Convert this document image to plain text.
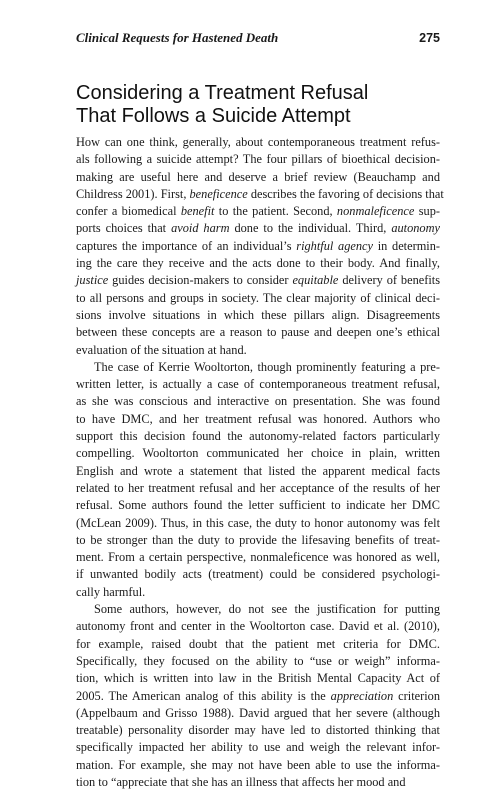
Clinical Requests for Hastened Death	275
Considering a Treatment Refusal
That Follows a Suicide Attempt

How can one think, generally, about contemporaneous treatment refus-
als following a suicide attempt? The four pillars of bioethical decision-
making are useful here and deserve a brief review (Beauchamp and
Childress 2001). First, beneficence describes the favoring of decisions that
confer a biomedical benefit to the patient. Second, nonmaleficence sup-
ports choices that avoid harm done to the individual. Third, autonomy
captures the importance of an individual’s rightful agency in determin-
ing the care they receive and the acts done to their body. And finally,
justice guides decision-makers to consider equitable delivery of benefits
to all persons and groups in society. The clear majority of clinical deci-
sions involve situations in which these pillars align. Disagreements
between these concepts are a reason to pause and deepen one’s ethical
evaluation of the situation at hand.

The case of Kerrie Wooltorton, though prominently featuring a pre-
written letter, is actually a case of contemporaneous treatment refusal,
as she was conscious and interactive on presentation. She was found
to have DMC, and her treatment refusal was honored. Authors who
support this decision found the autonomy-related factors particularly
compelling. Wooltorton communicated her choice in plain, written
English and wrote a statement that listed the apparent medical facts
related to her treatment refusal and her acceptance of the results of her
refusal. Some authors found the letter sufficient to indicate her DMC
(McLean 2009). Thus, in this case, the duty to honor autonomy was felt
to be stronger than the duty to provide the lifesaving benefits of treat-
ment. From a certain perspective, nonmaleficence was honored as well,
if unwanted bodily acts (treatment) could be considered psychologi-
cally harmful.

Some authors, however, do not see the justification for putting
autonomy front and center in the Wooltorton case. David et al. (2010),
for example, raised doubt that the patient met criteria for DMC.
Specifically, they focused on the ability to “use or weigh” informa-
tion, which is written into law in the British Mental Capacity Act of
2005. The American analog of this ability is the appreciation criterion
(Appelbaum and Grisso 1988). David argued that her severe (although
treatable) personality disorder may have led to distorted thinking that
specifically impacted her ability to use and weigh the relevant infor-
mation. For example, she may not have been able to use the informa-
tion to “appreciate that she has an illness that affects her mood and
